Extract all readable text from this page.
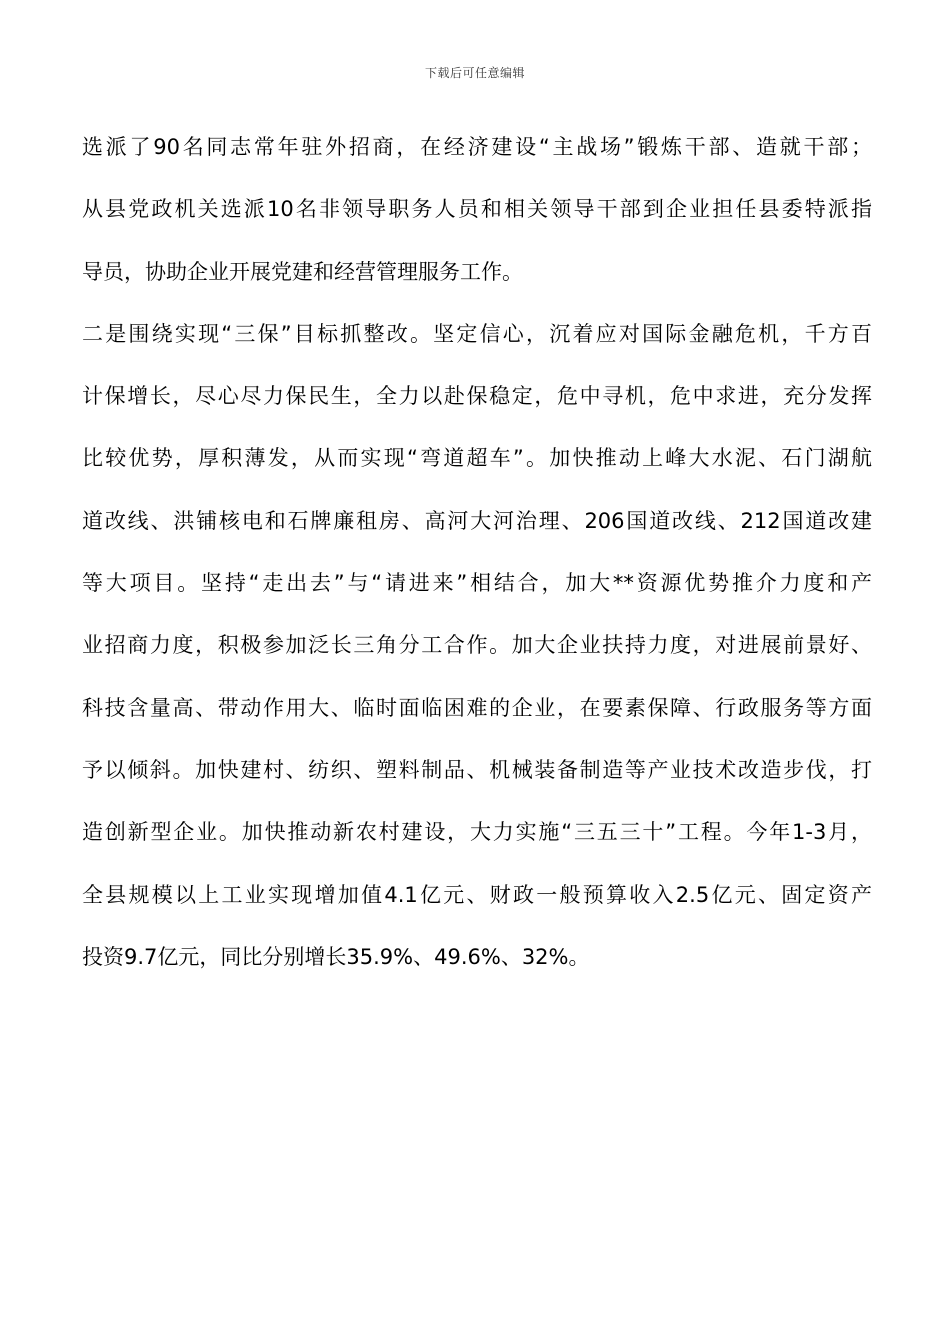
下载后可任意编辑
选派了90名同志常年驻外招商，在经济建设“主战场”锻炼干部、造就干部；
从县党政机关选派10名非领导职务人员和相关领导干部到企业担任县委特派指
导员，协助企业开展党建和经营管理服务工作。
二是围绕实现“三保”目标抓整改。坚定信心，沉着应对国际金融危机，千方百
计保增长，尽心尽力保民生，全力以赴保稳定，危中寻机，危中求进，充分发挥
比较优势，厚积薄发，从而实现“弯道超车”。加快推动上峰大水泥、石门湖航
道改线、洪铺核电和石牌廉租房、高河大河治理、206国道改线、212国道改建
等大项目。坚持“走出去”与“请进来”相结合，加大**资源优势推介力度和产
业招商力度，积极参加泛长三角分工合作。加大企业扶持力度，对进展前景好、
科技含量高、带动作用大、临时面临困难的企业，在要素保障、行政服务等方面
予以倾斜。加快建村、纺织、塑料制品、机械装备制造等产业技术改造步伐，打
造创新型企业。加快推动新农村建设，大力实施“三五三十”工程。今年1-3月，
全县规模以上工业实现增加值4.1亿元、财政一般预算收入2.5亿元、固定资产
投资9.7亿元，同比分别增长35.9%、49.6%、32%。
